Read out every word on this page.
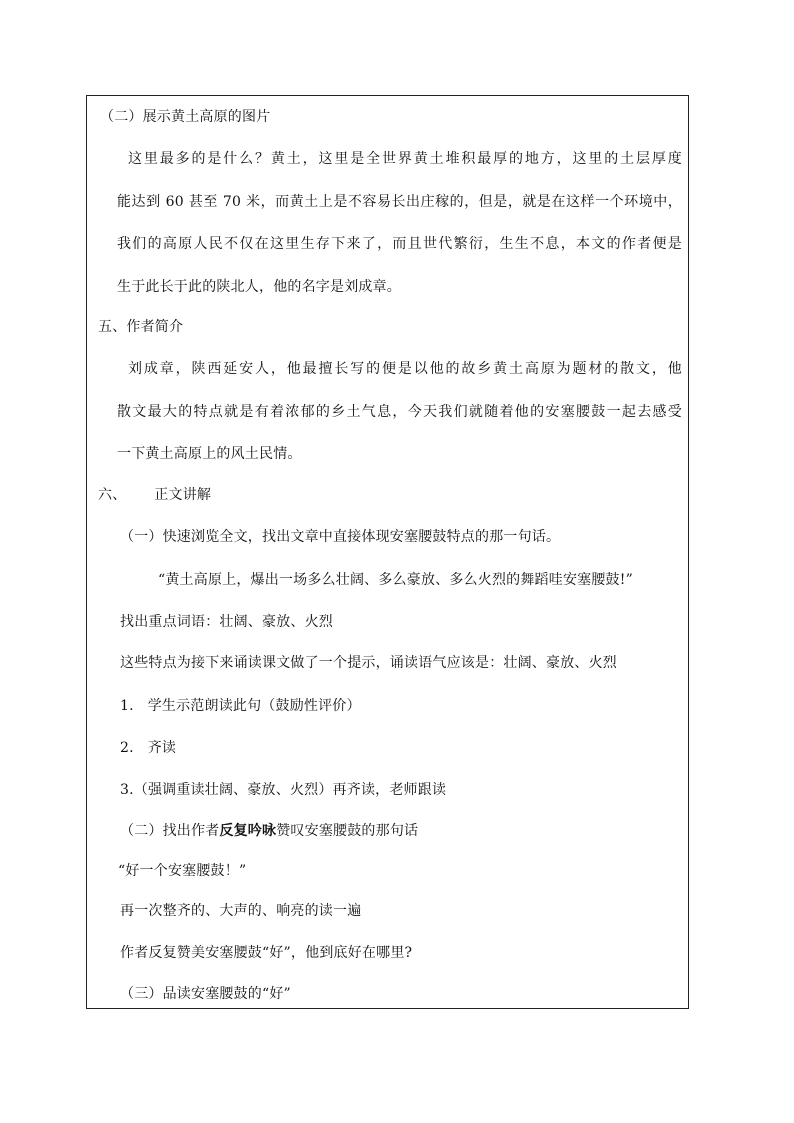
（二）展示黄土高原的图片
这里最多的是什么？黄土，这里是全世界黄土堆积最厚的地方，这里的土层厚度
能达到 60 甚至 70 米，而黄土上是不容易长出庄稼的，但是，就是在这样一个环境中，
我们的高原人民不仅在这里生存下来了，而且世代繁衍，生生不息，本文的作者便是
生于此长于此的陕北人，他的名字是刘成章。
五、作者简介
刘成章，陕西延安人，他最擅长写的便是以他的故乡黄土高原为题材的散文，他
散文最大的特点就是有着浓郁的乡土气息，今天我们就随着他的安塞腰鼓一起去感受
一下黄土高原上的风土民情。
六、      正文讲解
（一）快速浏览全文，找出文章中直接体现安塞腰鼓特点的那一句话。
“黄土高原上，爆出一场多么壮阔、多么豪放、多么火烈的舞蹈哇安塞腰鼓!”
找出重点词语：壮阔、豪放、火烈
这些特点为接下来诵读课文做了一个提示，诵读语气应该是：壮阔、豪放、火烈
1.   学生示范朗读此句（鼓励性评价）
2.   齐读
3.（强调重读壮阔、豪放、火烈）再齐读，老师跟读
（二）找出作者反复吟咏赞叹安塞腰鼓的那句话
“好一个安塞腰鼓！”
再一次整齐的、大声的、响亮的读一遍
作者反复赞美安塞腰鼓“好”，他到底好在哪里?
（三）品读安塞腰鼓的“好”
